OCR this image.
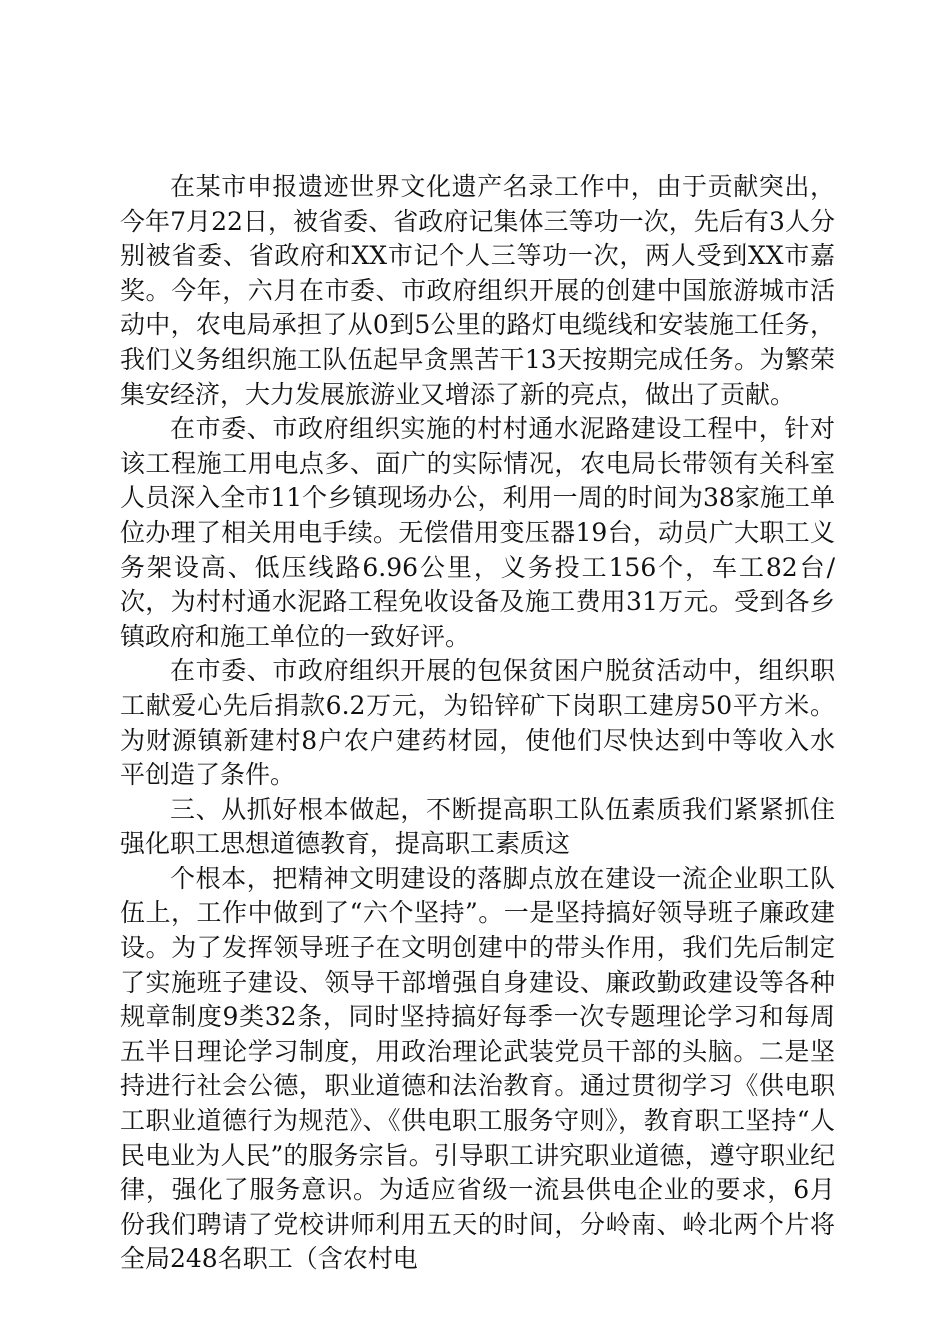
在某市申报遗迹世界文化遗产名录工作中，由于贡献突出，今年7月22日，被省委、省政府记集体三等功一次，先后有3人分别被省委、省政府和XX市记个人三等功一次，两人受到XX市嘉奖。今年，六月在市委、市政府组织开展的创建中国旅游城市活动中，农电局承担了从0到5公里的路灯电缆线和安装施工任务，我们义务组织施工队伍起早贪黑苦干13天按期完成任务。为繁荣集安经济，大力发展旅游业又增添了新的亮点，做出了贡献。

在市委、市政府组织实施的村村通水泥路建设工程中，针对该工程施工用电点多、面广的实际情况，农电局长带领有关科室人员深入全市11个乡镇现场办公，利用一周的时间为38家施工单位办理了相关用电手续。无偿借用变压器19台，动员广大职工义务架设高、低压线路6.96公里，义务投工156个，车工82台/次，为村村通水泥路工程免收设备及施工费用31万元。受到各乡镇政府和施工单位的一致好评。

在市委、市政府组织开展的包保贫困户脱贫活动中，组织职工献爱心先后捐款6.2万元，为铅锌矿下岗职工建房50平方米。为财源镇新建村8户农户建药材园，使他们尽快达到中等收入水平创造了条件。

三、从抓好根本做起，不断提高职工队伍素质我们紧紧抓住强化职工思想道德教育，提高职工素质这

个根本，把精神文明建设的落脚点放在建设一流企业职工队伍上，工作中做到了“六个坚持”。一是坚持搞好领导班子廉政建设。为了发挥领导班子在文明创建中的带头作用，我们先后制定了实施班子建设、领导干部增强自身建设、廉政勤政建设等各种规章制度9类32条，同时坚持搞好每季一次专题理论学习和每周五半日理论学习制度，用政治理论武装党员干部的头脑。二是坚持进行社会公德，职业道德和法治教育。通过贯彻学习《供电职工职业道德行为规范》、《供电职工服务守则》，教育职工坚持“人民电业为人民”的服务宗旨。引导职工讲究职业道德，遵守职业纪律，强化了服务意识。为适应省级一流县供电企业的要求，6月份我们聘请了党校讲师利用五天的时间，分岭南、岭北两个片将全局248名职工（含农村电
